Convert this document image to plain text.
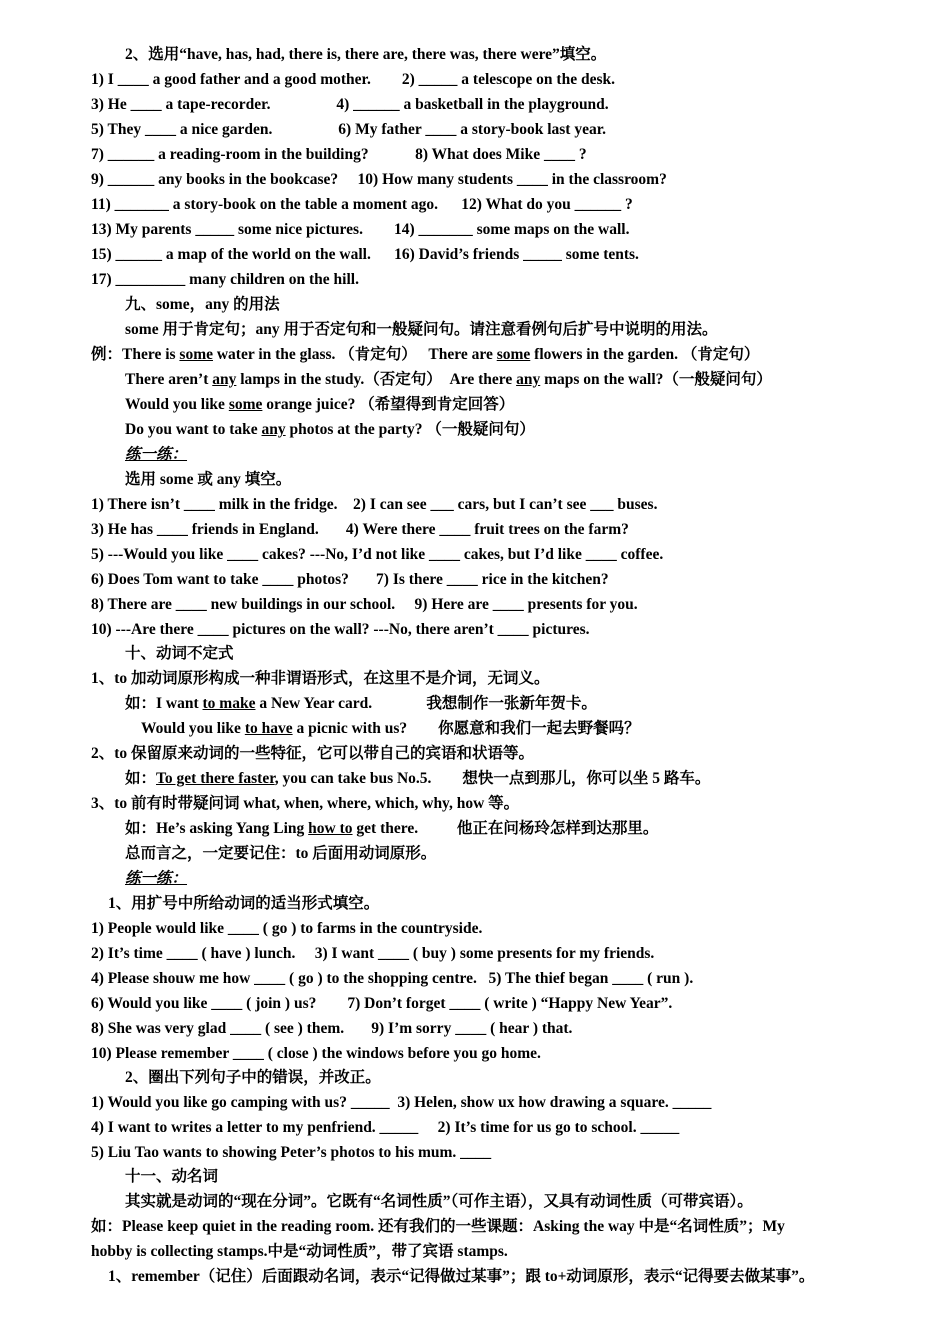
2、选用“have, has, had, there is, there are, there was, there were”填空。
1) I ____ a good father and a good mother.        2) _____ a telescope on the desk.
3) He ____ a tape-recorder.                 4) ______ a basketball in the playground.
5) They ____ a nice garden.                 6) My father ____ a story-book last year.
7) ______ a reading-room in the building?            8) What does Mike ____ ?
9) ______ any books in the bookcase?     10) How many students ____ in the classroom?
11) _______ a story-book on the table a moment ago.      12) What do you ______ ?
13) My parents _____ some nice pictures.        14) _______ some maps on the wall.
15) ______ a map of the world on the wall.      16) David’s friends _____ some tents.
17) _________ many children on the hill.
九、some，any 的用法
some 用于肯定句；any 用于否定句和一般疑问句。请注意看例句后扩号中说明的用法。
例：There is some water in the glass. （肯定句）   There are some flowers in the garden. （肯定句）
There aren’t any lamps in the study.（否定句）  Are there any maps on the wall?（一般疑问句）
Would you like some orange juice? （希望得到肯定回答）
Do you want to take any photos at the party? （一般疑问句）
练一练：
选用 some 或 any 填空。
1) There isn’t ____ milk in the fridge.    2) I can see ___ cars, but I can’t see ___ buses.
3) He has ____ friends in England.       4) Were there ____ fruit trees on the farm?
5) ---Would you like ____ cakes? ---No, I’d not like ____ cakes, but I’d like ____ coffee.
6) Does Tom want to take ____ photos?       7) Is there ____ rice in the kitchen?
8) There are ____ new buildings in our school.     9) Here are ____ presents for you.
10) ---Are there ____ pictures on the wall? ---No, there aren’t ____ pictures.
十、动词不定式
1、to 加动词原形构成一种非谓语形式，在这里不是介词，无词义。
如：I want to make a New Year card.              我想制作一张新年贺卡。
Would you like to have a picnic with us?        你愿意和我们一起去野餐吗？
2、to 保留原来动词的一些特征，它可以带自己的宾语和状语等。
如：To get there faster, you can take bus No.5.        想快一点到那儿，你可以坐 5 路车。
3、to 前有时带疑问词 what, when, where, which, why, how 等。
如：He’s asking Yang Ling how to get there.          他正在问杨玲怎样到达那里。
总而言之，一定要记住：to 后面用动词原形。
练一练：
1、用扩号中所给动词的适当形式填空。
1) People would like ____ ( go ) to farms in the countryside.
2) It’s time ____ ( have ) lunch.     3) I want ____ ( buy ) some presents for my friends.
4) Please shouw me how ____ ( go ) to the shopping centre.   5) The thief began ____ ( run ).
6) Would you like ____ ( join ) us?        7) Don’t forget ____ ( write ) “Happy New Year”.
8) She was very glad ____ ( see ) them.       9) I’m sorry ____ ( hear ) that.
10) Please remember ____ ( close ) the windows before you go home.
2、圈出下列句子中的错误，并改正。
1) Would you like go camping with us? _____  3) Helen, show ux how drawing a square. _____
4) I want to writes a letter to my penfriend. _____     2) It’s time for us go to school. _____
5) Liu Tao wants to showing Peter’s photos to his mum. ____
十一、动名词
其实就是动词的“现在分词”。它既有“名词性质”（可作主语），又具有动词性质（可带宾语）。
如：Please keep quiet in the reading room. 还有我们的一些课题：Asking the way 中是“名词性质”；My
hobby is collecting stamps.中是“动词性质”，带了宾语 stamps.
1、remember（记住）后面跟动名词，表示“记得做过某事”；跟 to+动词原形，表示“记得要去做某事”。
